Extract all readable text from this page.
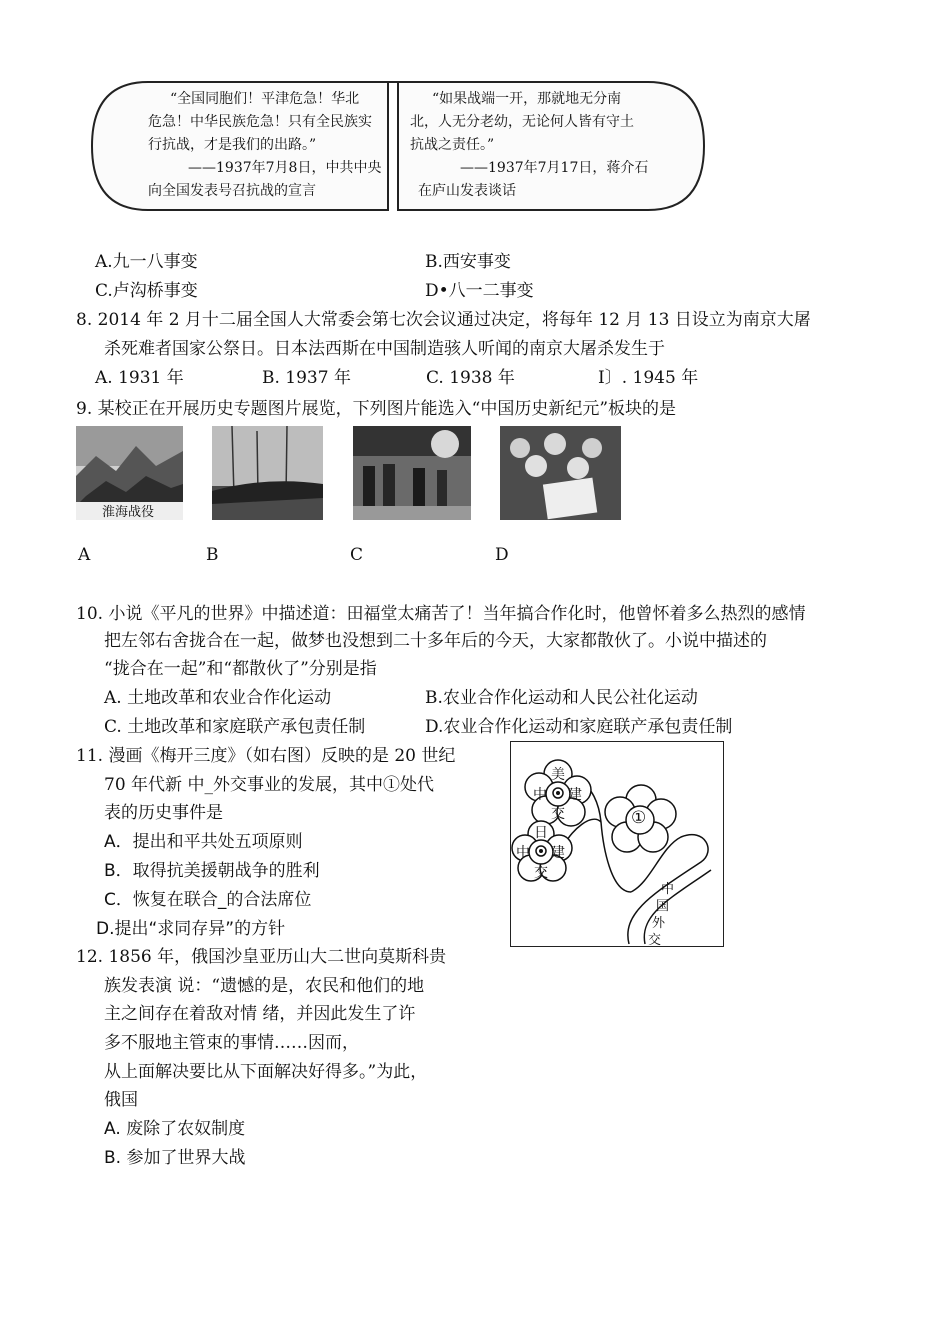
“全国同胞们！平津危急！华北
危急！中华民族危急！只有全民族实
行抗战，才是我们的出路。”
——1937年7月8日，中共中央
向全国发表号召抗战的宣言
“如果战端一开，那就地无分南
北，人无分老幼，无论何人皆有守土
抗战之责任。”
——1937年7月17日，蒋介石
在庐山发表谈话
A.九一八事变	B.西安事变
C.卢沟桥事变	D•八一二事变
8. 2014 年 2 月十二届全国人大常委会第七次会议通过决定，将每年 12 月 13 日设立为南京大屠
杀死难者国家公祭日。日本法西斯在中国制造骇人听闻的南京大屠杀发生于
A. 1931 年	B. 1937 年	C. 1938 年	I〕. 1945 年
9. 某校正在开展历史专题图片展览，下列图片能选入“中国历史新纪元”板块的是
淮海战役
A	B	C	D
10. 小说《平凡的世界》中描述道：田福堂太痛苦了！当年搞合作化时，他曾怀着多么热烈的感情
把左邻右舍拢合在一起，做梦也没想到二十多年后的今天，大家都散伙了。小说中描述的
“拢合在一起”和“都散伙了”分别是指
A. 土地改革和农业合作化运动	B.农业合作化运动和人民公社化运动
C. 土地改革和家庭联产承包责任制	D.农业合作化运动和家庭联产承包责任制
11. 漫画《梅开三度》（如右图）反映的是 20 世纪
70 年代新 中_外交事业的发展，其中①处代
表的历史事件是
A．提出和平共处五项原则
B．取得抗美援朝战争的胜利
C．恢复在联合_的合法席位
D.提出“求同存异”的方针
美
中 建
交	①
日
中 建
交
中
国
外
交
12. 1856 年，俄国沙皇亚历山大二世向莫斯科贵
族发表演 说：“遗憾的是，农民和他们的地
主之间存在着敌对情 绪，并因此发生了许
多不服地主管束的事情……因而，
从上面解决要比从下面解决好得多。”为此，
俄国
A. 废除了农奴制度
B. 参加了世界大战
